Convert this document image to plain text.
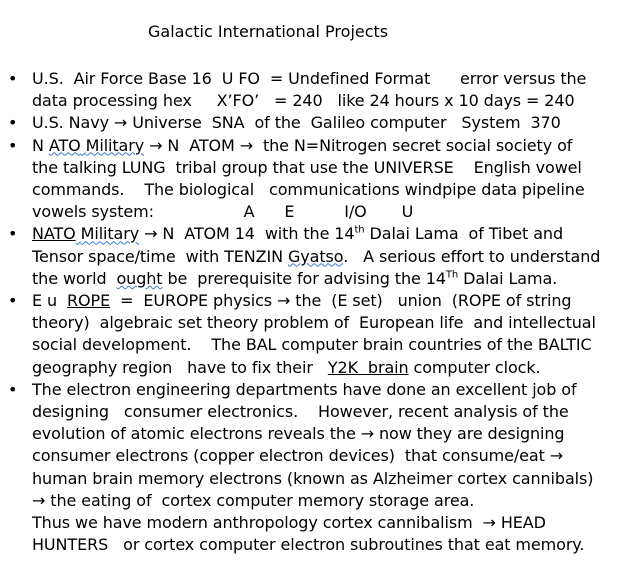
Galactic International Projects
• U.S.  Air Force Base 16  U FO  = Undefined Format      error versus the
data processing hex     X’FO’   = 240   like 24 hours x 10 days = 240
• U.S. Navy → Universe  SNA  of the  Galileo computer   System  370
• N ATO Military → N  ATOM →  the N=Nitrogen secret social society of
the talking LUNG  tribal group that use the UNIVERSE    English vowel
commands.    The biological   communications windpipe data pipeline
vowels system:                  A      E          I/O       U
• NATO Military → N  ATOM 14  with the 14th Dalai Lama  of Tibet and
Tensor space/time  with TENZIN Gyatso.   A serious effort to understand
the world  ought be  prerequisite for advising the 14Th Dalai Lama.
• E u  ROPE  =  EUROPE physics → the  (E set)   union  (ROPE of string
theory)  algebraic set theory problem of  European life  and intellectual
social development.    The BAL computer brain countries of the BALTIC
geography region   have to fix their   Y2K  brain computer clock.
• The electron engineering departments have done an excellent job of
designing   consumer electronics.    However, recent analysis of the
evolution of atomic electrons reveals the → now they are designing
consumer electrons (copper electron devices)  that consume/eat →
human brain memory electrons (known as Alzheimer cortex cannibals)
→ the eating of  cortex computer memory storage area.
Thus we have modern anthropology cortex cannibalism  → HEAD
HUNTERS   or cortex computer electron subroutines that eat memory.
